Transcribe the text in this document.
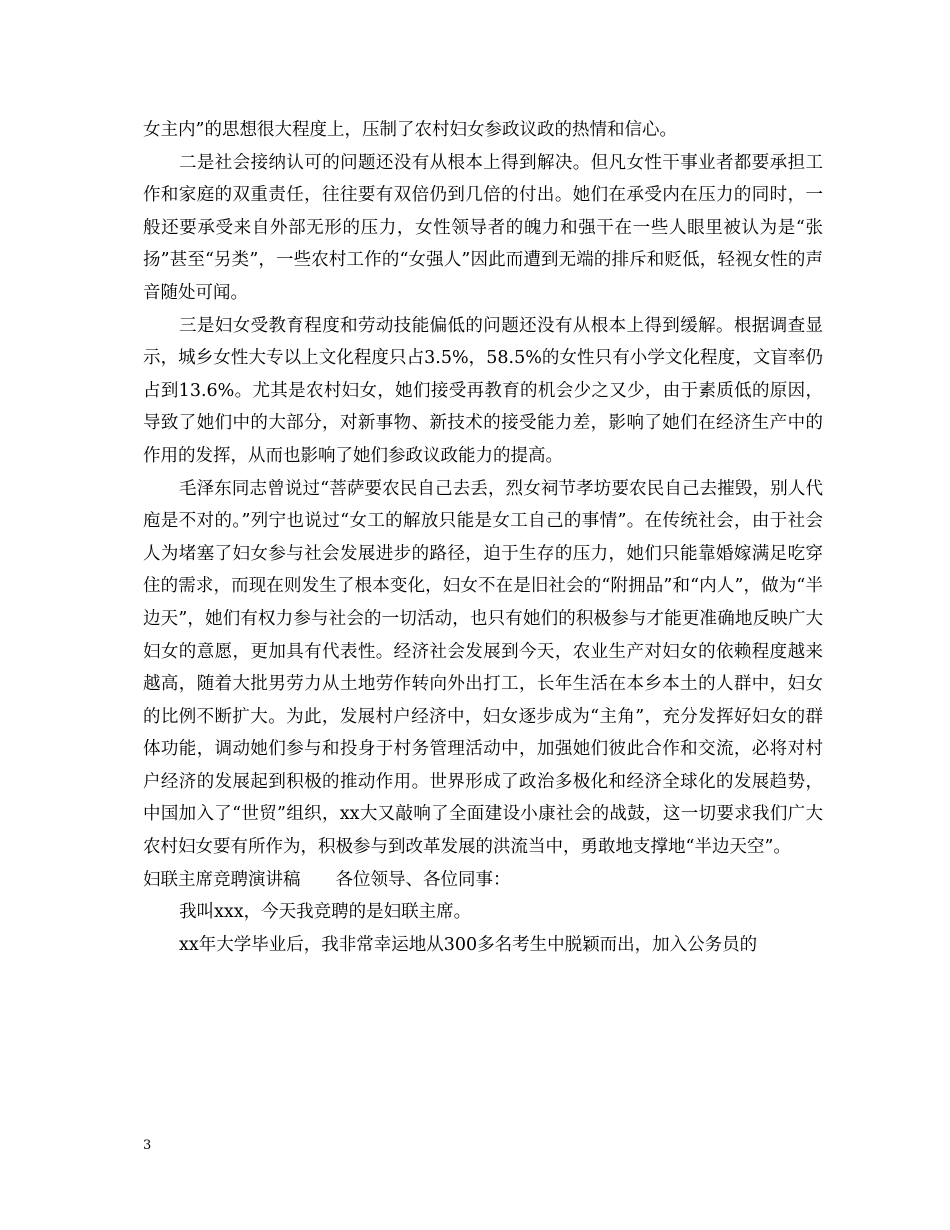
女主内”的思想很大程度上，压制了农村妇女参政议政的热情和信心。

二是社会接纳认可的问题还没有从根本上得到解决。但凡女性干事业者都要承担工作和家庭的双重责任，往往要有双倍仍到几倍的付出。她们在承受内在压力的同时，一般还要承受来自外部无形的压力，女性领导者的魄力和强干在一些人眼里被认为是“张扬”甚至“另类”，一些农村工作的“女强人”因此而遭到无端的排斥和贬低，轻视女性的声音随处可闻。

三是妇女受教育程度和劳动技能偏低的问题还没有从根本上得到缓解。根据调查显示，城乡女性大专以上文化程度只占3.5%，58.5%的女性只有小学文化程度，文盲率仍占到13.6%。尤其是农村妇女，她们接受再教育的机会少之又少，由于素质低的原因，导致了她们中的大部分，对新事物、新技术的接受能力差，影响了她们在经济生产中的作用的发挥，从而也影响了她们参政议政能力的提高。

毛泽东同志曾说过“菩萨要农民自己去丢，烈女祠节孝坊要农民自己去摧毁，别人代庖是不对的。”列宁也说过“女工的解放只能是女工自己的事情”。在传统社会，由于社会人为堵塞了妇女参与社会发展进步的路径，迫于生存的压力，她们只能靠婚嫁满足吃穿住的需求，而现在则发生了根本变化，妇女不在是旧社会的“附拥品”和“内人”，做为“半边天”，她们有权力参与社会的一切活动，也只有她们的积极参与才能更准确地反映广大妇女的意愿，更加具有代表性。经济社会发展到今天，农业生产对妇女的依赖程度越来越高，随着大批男劳力从土地劳作转向外出打工，长年生活在本乡本土的人群中，妇女的比例不断扩大。为此，发展村户经济中，妇女逐步成为“主角”，充分发挥好妇女的群体功能，调动她们参与和投身于村务管理活动中，加强她们彼此合作和交流，必将对村户经济的发展起到积极的推动作用。世界形成了政治多极化和经济全球化的发展趋势，中国加入了“世贸”组织，xx大又敲响了全面建设小康社会的战鼓，这一切要求我们广大农村妇女要有所作为，积极参与到改革发展的洪流当中，勇敢地支撑地“半边天空”。

妇联主席竞聘演讲稿　　各位领导、各位同事：

我叫xxx，今天我竞聘的是妇联主席。

xx年大学毕业后，我非常幸运地从300多名考生中脱颖而出，加入公务员的

3
